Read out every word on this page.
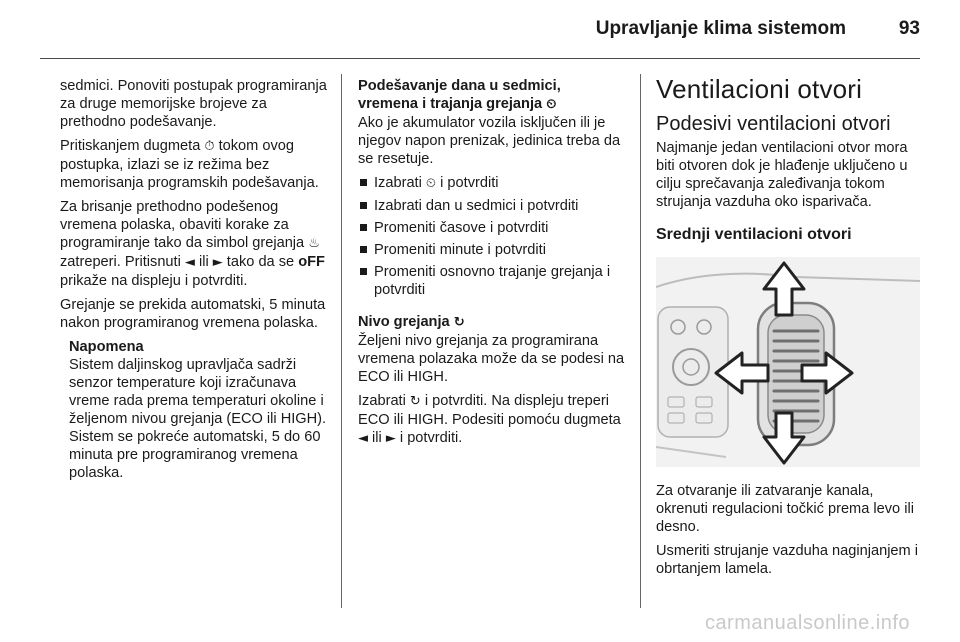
Upravljanje klima sistemom	93

sedmici. Ponoviti postupak programiranja za druge memorijske brojeve za prethodno podešavanje.

Pritiskanjem dugmeta ⏱ tokom ovog postupka, izlazi se iz režima bez memorisanja programskih podešavanja.

Za brisanje prethodno podešenog vremena polaska, obaviti korake za programiranje tako da simbol grejanja ♨ zatreperi. Pritisnuti ◄ ili ► tako da se oFF prikaže na displeju i potvrditi.

Grejanje se prekida automatski, 5 minuta nakon programiranog vremena polaska.

Napomena
Sistem daljinskog upravljača sadrži senzor temperature koji izračunava vreme rada prema temperaturi okoline i željenom nivou grejanja (ECO ili HIGH). Sistem se pokreće automatski, 5 do 60 minuta pre programiranog vremena polaska.
Podešavanje dana u sedmici,
vremena i trajanja grejanja ⏲

Ako je akumulator vozila isključen ili je njegov napon prenizak, jedinica treba da se resetuje.

Izabrati ⏲ i potvrditi
Izabrati dan u sedmici i potvrditi
Promeniti časove i potvrditi
Promeniti minute i potvrditi
Promeniti osnovno trajanje grejanja i potvrditi
Nivo grejanja ↻

Željeni nivo grejanja za programirana vremena polazaka može da se podesi na ECO ili HIGH.

Izabrati ↻ i potvrditi. Na displeju treperi ECO ili HIGH. Podesiti pomoću dugmeta ◄ ili ► i potvrditi.

Ventilacioni otvori
Podesivi ventilacioni otvori

Najmanje jedan ventilacioni otvor mora biti otvoren dok je hlađenje uključeno u cilju sprečavanja zaleđivanja tokom strujanja vazduha oko isparivača.

Srednji ventilacioni otvori

Za otvaranje ili zatvaranje kanala, okrenuti regulacioni točkić prema levo ili desno.

Usmeriti strujanje vazduha naginjanjem i obrtanjem lamela.

carmanualsonline.info
